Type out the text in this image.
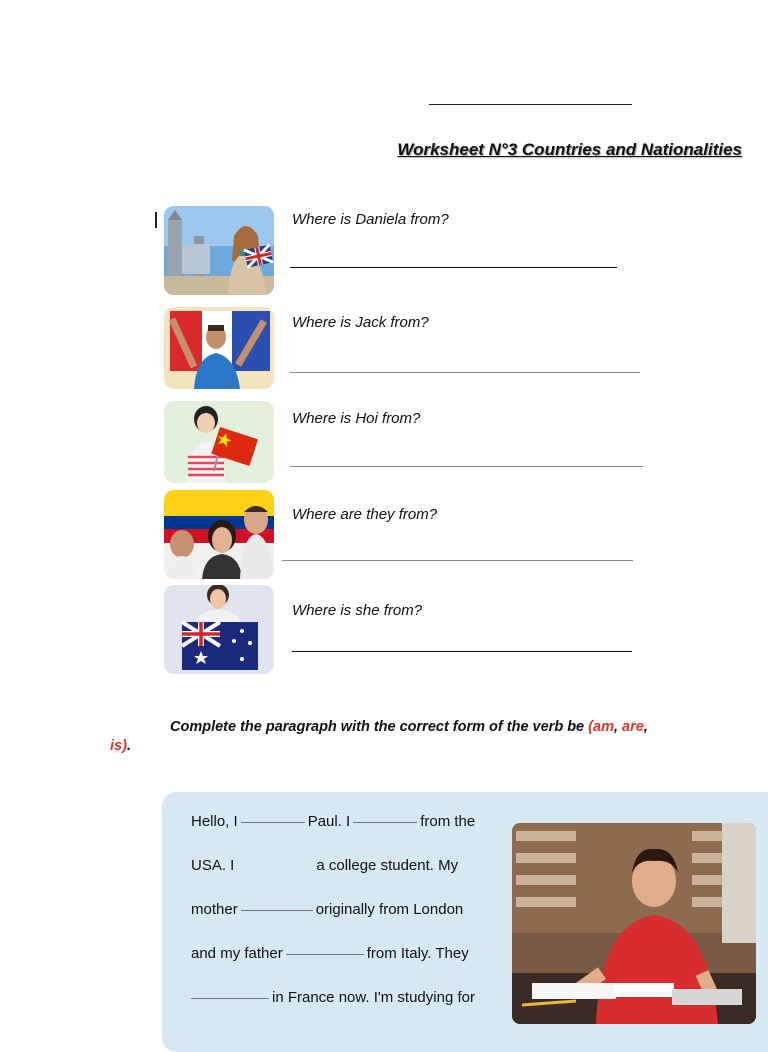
Worksheet N°3 Countries and Nationalities
Where is Daniela from?
Where is Jack from?
Where is Hoi from?
Where are they from?
Where is she from?
Complete the paragraph with the correct form of the verb be (am, are, is).
Hello, I	Paul. I	from the
USA. I	a college student. My
mother	originally from London
and my father	from Italy. They
in France now. I'm studying for
